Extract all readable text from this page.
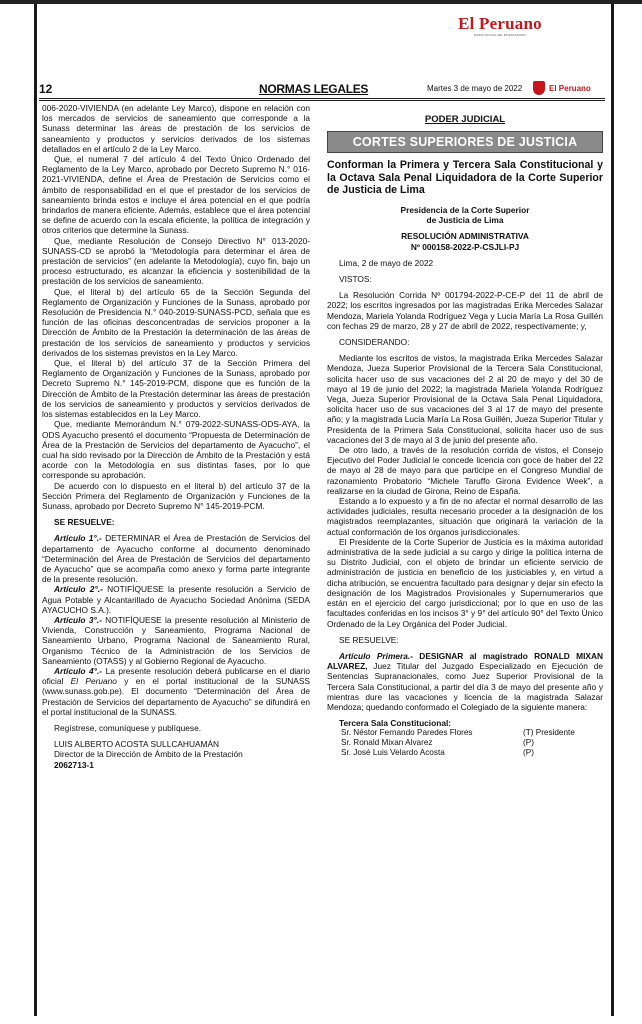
El Peruano
DIARIO OFICIAL DEL BICENTENARIO
12	NORMAS LEGALES	Martes 3 de mayo de 2022	El Peruano

006-2020-VIVIENDA (en adelante Ley Marco), dispone en relación con los mercados de servicios de saneamiento que corresponde a la Sunass determinar las áreas de prestación de los servicios de saneamiento y productos y servicios derivados de los sistemas detallados en el artículo 2 de la Ley Marco.

Que, el numeral 7 del artículo 4 del Texto Único Ordenado del Reglamento de la Ley Marco, aprobado por Decreto Supremo N.° 016-2021-VIVIENDA, define el Área de Prestación de Servicios como el ámbito de responsabilidad en el que el prestador de los servicios de saneamiento brinda estos e incluye el área potencial en el que podría brindarlos de manera eficiente. Además, establece que el área potencial se define de acuerdo con la escala eficiente, la política de integración y otros criterios que determine la Sunass.

Que, mediante Resolución de Consejo Directivo N° 013-2020-SUNASS-CD se aprobó la “Metodología para determinar el área de prestación de servicios” (en adelante la Metodología), cuyo fin, bajo un proceso estructurado, es alcanzar la eficiencia y sostenibilidad de la prestación de los servicios de saneamiento.

Que, el literal b) del artículo 65 de la Sección Segunda del Reglamento de Organización y Funciones de la Sunass, aprobado por Resolución de Presidencia N.° 040-2019-SUNASS-PCD, señala que es función de las oficinas desconcentradas de servicios proponer a la Dirección de Ámbito de la Prestación la determinación de las áreas de prestación de los servicios de saneamiento y productos y servicios derivados de los sistemas previstos en la Ley Marco.

Que, el literal b) del artículo 37 de la Sección Primera del Reglamento de Organización y Funciones de la Sunass, aprobado por Decreto Supremo N.° 145-2019-PCM, dispone que es función de la Dirección de Ámbito de la Prestación determinar las áreas de prestación de los servicios de saneamiento y productos y servicios derivados de los sistemas establecidos en la Ley Marco.

Que, mediante Memorándum N.° 079-2022-SUNASS-ODS-AYA, la ODS Ayacucho presentó el documento “Propuesta de Determinación de Área de la Prestación de Servicios del departamento de Ayacucho”, el cual ha sido revisado por la Dirección de Ámbito de la Prestación y está acorde con la Metodología en sus distintas fases, por lo que corresponde su aprobación.

De acuerdo con lo dispuesto en el literal b) del artículo 37 de la Sección Primera del Reglamento de Organización y Funciones de la Sunass, aprobado por Decreto Supremo N° 145-2019-PCM.

SE RESUELVE:

Artículo 1°.- DETERMINAR el Área de Prestación de Servicios del departamento de Ayacucho conforme al documento denominado “Determinación del Área de Prestación de Servicios del departamento de Ayacucho” que se acompaña como anexo y forma parte integrante de la presente resolución.

Artículo 2°.- NOTIFÍQUESE la presente resolución a Servicio de Agua Potable y Alcantarillado de Ayacucho Sociedad Anónima (SEDA AYACUCHO S.A.).

Artículo 3°.- NOTIFÍQUESE la presente resolución al Ministerio de Vivienda, Construcción y Saneamiento, Programa Nacional de Saneamiento Urbano, Programa Nacional de Saneamiento Rural, Organismo Técnico de la Administración de los Servicios de Saneamiento (OTASS) y al Gobierno Regional de Ayacucho.

Artículo 4°.- La presente resolución deberá publicarse en el diario oficial El Peruano y en el portal institucional de la SUNASS (www.sunass.gob.pe). El documento “Determinación del Área de Prestación de Servicios del departamento de Ayacucho” se difundirá en el portal institucional de la SUNASS.

Regístrese, comuníquese y publíquese.

LUIS ALBERTO ACOSTA SULLCAHUAMÁN

Director de la Dirección de Ámbito de la Prestación

2062713-1

PODER JUDICIAL
CORTES SUPERIORES DE JUSTICIA
Conforman la Primera y Tercera Sala Constitucional y la Octava Sala Penal Liquidadora de la Corte Superior de Justicia de Lima

Presidencia de la Corte Superior

de Justicia de Lima

RESOLUCIÓN ADMINISTRATIVA

Nº 000158-2022-P-CSJLI-PJ

Lima, 2 de mayo de 2022

VISTOS:

La Resolución Corrida Nº 001794-2022-P-CE-P del 11 de abril de 2022; los escritos ingresados por las magistradas Erika Mercedes Salazar Mendoza, Mariela Yolanda Rodríguez Vega y Lucia María La Rosa Guillén con fechas 29 de marzo, 28 y 27 de abril de 2022, respectivamente; y,

CONSIDERANDO:

Mediante los escritos de vistos, la magistrada Erika Mercedes Salazar Mendoza, Jueza Superior Provisional de la Tercera Sala Constitucional, solicita hacer uso de sus vacaciones del 2 al 20 de mayo y del 30 de mayo al 19 de junio del 2022; la magistrada Mariela Yolanda Rodríguez Vega, Jueza Superior Provisional de la Octava Sala Penal Liquidadora, solicita hacer uso de sus vacaciones del 3 al 17 de mayo del presente año; y la magistrada Lucia María La Rosa Guillén, Jueza Superior Titular y Presidenta de la Primera Sala Constitucional, solicita hacer uso de sus vacaciones del 3 de mayo al 3 de junio del presente año.

De otro lado, a través de la resolución corrida de vistos, el Consejo Ejecutivo del Poder Judicial le concede licencia con goce de haber del 22 de mayo al 28 de mayo para que participe en el Congreso Mundial de razonamiento Probatorio “Michele Taruffo Girona Evidence Week”, a realizarse en la ciudad de Girona, Reino de España.

Estando a lo expuesto y a fin de no afectar el normal desarrollo de las actividades judiciales, resulta necesario proceder a la designación de los magistrados reemplazantes, situación que originará la variación de la actual conformación de los órganos jurisdiccionales.

El Presidente de la Corte Superior de Justicia es la máxima autoridad administrativa de la sede judicial a su cargo y dirige la política interna de su Distrito Judicial, con el objeto de brindar un eficiente servicio de administración de justicia en beneficio de los justiciables y, en virtud a dicha atribución, se encuentra facultado para designar y dejar sin efecto la designación de los Magistrados Provisionales y Supernumerarios que están en el ejercicio del cargo jurisdiccional; por lo que en uso de las facultades conferidas en los incisos 3° y 9° del artículo 90° del Texto Único Ordenado de la Ley Orgánica del Poder Judicial.

SE RESUELVE:

Artículo Primera.- DESIGNAR al magistrado RONALD MIXAN ALVAREZ, Juez Titular del Juzgado Especializado en Ejecución de Sentencias Supranacionales, como Juez Superior Provisional de la Tercera Sala Constitucional, a partir del día 3 de mayo del presente año y mientras dure las vacaciones y licencia de la magistrada Salazar Mendoza; quedando conformado el Colegiado de la siguiente manera:

Tercera Sala Constitucional:

Sr. Néstor Fernando Paredes Flores	(T) Presidente
Sr. Ronald Mixan Alvarez	(P)
Sr. José Luis Velardo Acosta	(P)
